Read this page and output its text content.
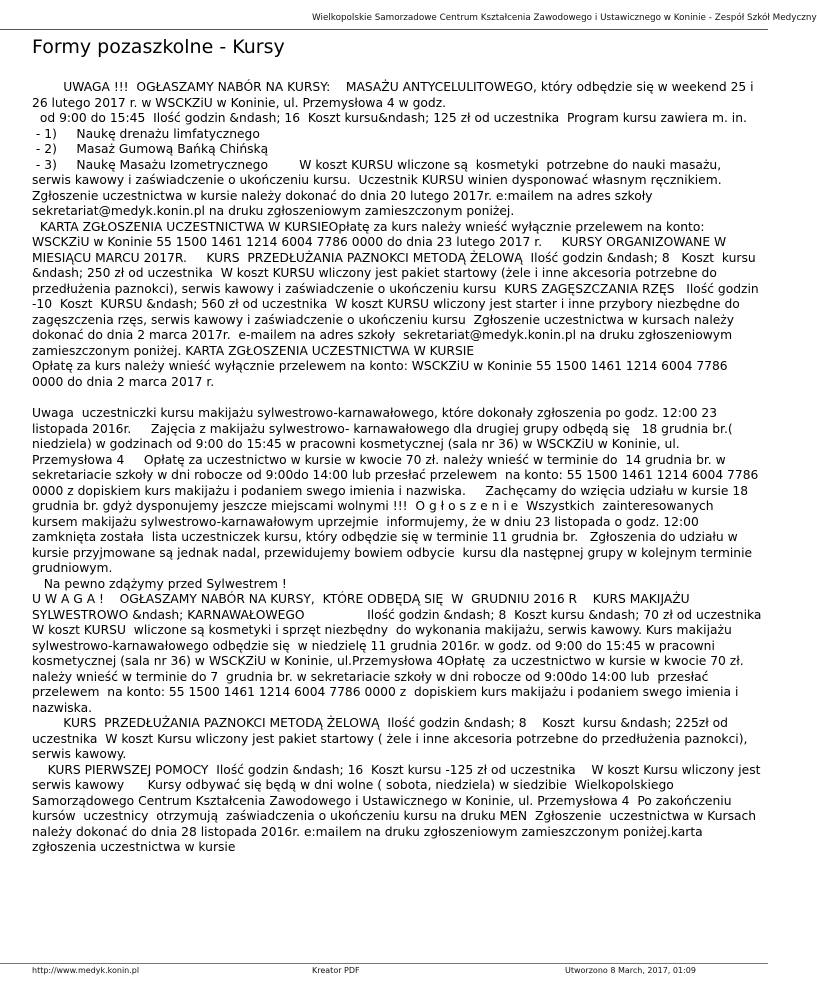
Wielkopolskie Samorzadowe Centrum Kształcenia Zawodowego i Ustawicznego w Koninie - Zespół Szkół Medyczny
Formy pozaszkolne - Kursy

UWAGA !!!  OGŁASZAMY NABÓR NA KURSY:    MASAŻU ANTYCELULITOWEGO, który odbędzie się w weekend 25 i 26 lutego 2017 r. w WSCKZiU w Koninie, ul. Przemysłowa 4 w godz.

od 9:00 do 15:45  Ilość godzin &ndash; 16  Koszt kursu&ndash; 125 zł od uczestnika  Program kursu zawiera m. in.

- 1)     Naukę drenażu limfatycznego

- 2)     Masaż Gumową Bańką Chińską

- 3)     Naukę Masażu Izometrycznego        W koszt KURSU wliczone są  kosmetyki  potrzebne do nauki masażu, serwis kawowy i zaświadczenie o ukończeniu kursu.  Uczestnik KURSU winien dysponować własnym ręcznikiem.  Zgłoszenie uczestnictwa w kursie należy dokonać do dnia 20 lutego 2017r. e:mailem na adres szkoły  sekretariat@medyk.konin.pl na druku zgłoszeniowym zamieszczonym poniżej.

KARTA ZGŁOSZENIA UCZESTNICTWA W KURSIEOpłatę za kurs należy wnieść wyłącznie przelewem na konto: WSCKZiU w Koninie 55 1500 1461 1214 6004 7786 0000 do dnia 23 lutego 2017 r.     KURSY ORGANIZOWANE W MIESIĄCU MARCU 2017R.     KURS  PRZEDŁUŻANIA PAZNOKCI METODĄ ŻELOWĄ  Ilość godzin &ndash; 8   Koszt  kursu &ndash; 250 zł od uczestnika  W koszt KURSU wliczony jest pakiet startowy (żele i inne akcesoria potrzebne do przedłużenia paznokci), serwis kawowy i zaświadczenie o ukończeniu kursu  KURS ZAGĘSZCZANIA RZĘS   Ilość godzin -10  Koszt  KURSU &ndash; 560 zł od uczestnika  W koszt KURSU wliczony jest starter i inne przybory niezbędne do zagęszczenia rzęs, serwis kawowy i zaświadczenie o ukończeniu kursu  Zgłoszenie uczestnictwa w kursach należy dokonać do dnia 2 marca 2017r.  e-mailem na adres szkoły  sekretariat@medyk.konin.pl na druku zgłoszeniowym zamieszczonym poniżej. KARTA ZGŁOSZENIA UCZESTNICTWA W KURSIE

Opłatę za kurs należy wnieść wyłącznie przelewem na konto: WSCKZiU w Koninie 55 1500 1461 1214 6004 7786 0000 do dnia 2 marca 2017 r.

Uwaga  uczestniczki kursu makijażu sylwestrowo-karnawałowego, które dokonały zgłoszenia po godz. 12:00 23 listopada 2016r.     Zajęcia z makijażu sylwestrowo- karnawałowego dla drugiej grupy odbędą się   18 grudnia br.( niedziela) w godzinach od 9:00 do 15:45 w pracowni kosmetycznej (sala nr 36) w WSCKZiU w Koninie, ul. Przemysłowa 4     Opłatę za uczestnictwo w kursie w kwocie 70 zł. należy wnieść w terminie do  14 grudnia br. w sekretariacie szkoły w dni robocze od 9:00do 14:00 lub przesłać przelewem  na konto: 55 1500 1461 1214 6004 7786 0000 z dopiskiem kurs makijażu i podaniem swego imienia i nazwiska.     Zachęcamy do wzięcia udziału w kursie 18 grudnia br. gdyż dysponujemy jeszcze miejscami wolnymi !!!  O g ł o s z e n i e  Wszystkich  zainteresowanych kursem makijażu sylwestrowo-karnawałowym uprzejmie  informujemy, że w dniu 23 listopada o godz. 12:00 zamknięta została  lista uczestniczek kursu, który odbędzie się w terminie 11 grudnia br.   Zgłoszenia do udziału w kursie przyjmowane są jednak nadal, przewidujemy bowiem odbycie  kursu dla następnej grupy w kolejnym terminie grudniowym.

Na pewno zdążymy przed Sylwestrem !

U W A G A !    OGŁASZAMY NABÓR NA KURSY,  KTÓRE ODBĘDĄ SIĘ  W  GRUDNIU 2016 R    KURS MAKIJAŻU SYLWESTROWO &ndash; KARNAWAŁOWEGO                Ilość godzin &ndash; 8  Koszt kursu &ndash; 70 zł od uczestnika   W koszt KURSU  wliczone są kosmetyki i sprzęt niezbędny  do wykonania makijażu, serwis kawowy. Kurs makijażu sylwestrowo-karnawałowego odbędzie się  w niedzielę 11 grudnia 2016r. w godz. od 9:00 do 15:45 w pracowni  kosmetycznej (sala nr 36) w WSCKZiU w Koninie, ul.Przemysłowa 4Opłatę  za uczestnictwo w kursie w kwocie 70 zł. należy wnieść w terminie do 7  grudnia br. w sekretariacie szkoły w dni robocze od 9:00do 14:00 lub  przesłać przelewem  na konto: 55 1500 1461 1214 6004 7786 0000 z  dopiskiem kurs makijażu i podaniem swego imienia i nazwiska.

KURS  PRZEDŁUŻANIA PAZNOKCI METODĄ ŻELOWĄ  Ilość godzin &ndash; 8    Koszt  kursu &ndash; 225zł od uczestnika  W koszt Kursu wliczony jest pakiet startowy ( żele i inne akcesoria potrzebne do przedłużenia paznokci), serwis kawowy.

KURS PIERWSZEJ POMOCY  Ilość godzin &ndash; 16  Koszt kursu -125 zł od uczestnika    W koszt Kursu wliczony jest serwis kawowy      Kursy odbywać się będą w dni wolne ( sobota, niedziela) w siedzibie  Wielkopolskiego Samorządowego Centrum Kształcenia Zawodowego i Ustawicznego w Koninie, ul. Przemysłowa 4  Po zakończeniu kursów  uczestnicy  otrzymują  zaświadczenia o ukończeniu kursu na druku MEN  Zgłoszenie  uczestnictwa w Kursach należy dokonać do dnia 28 listopada 2016r. e:mailem na druku zgłoszeniowym zamieszczonym poniżej.karta zgłoszenia uczestnictwa w kursie

http://www.medyk.konin.pl	Kreator PDF	Utworzono 8 March, 2017, 01:09
